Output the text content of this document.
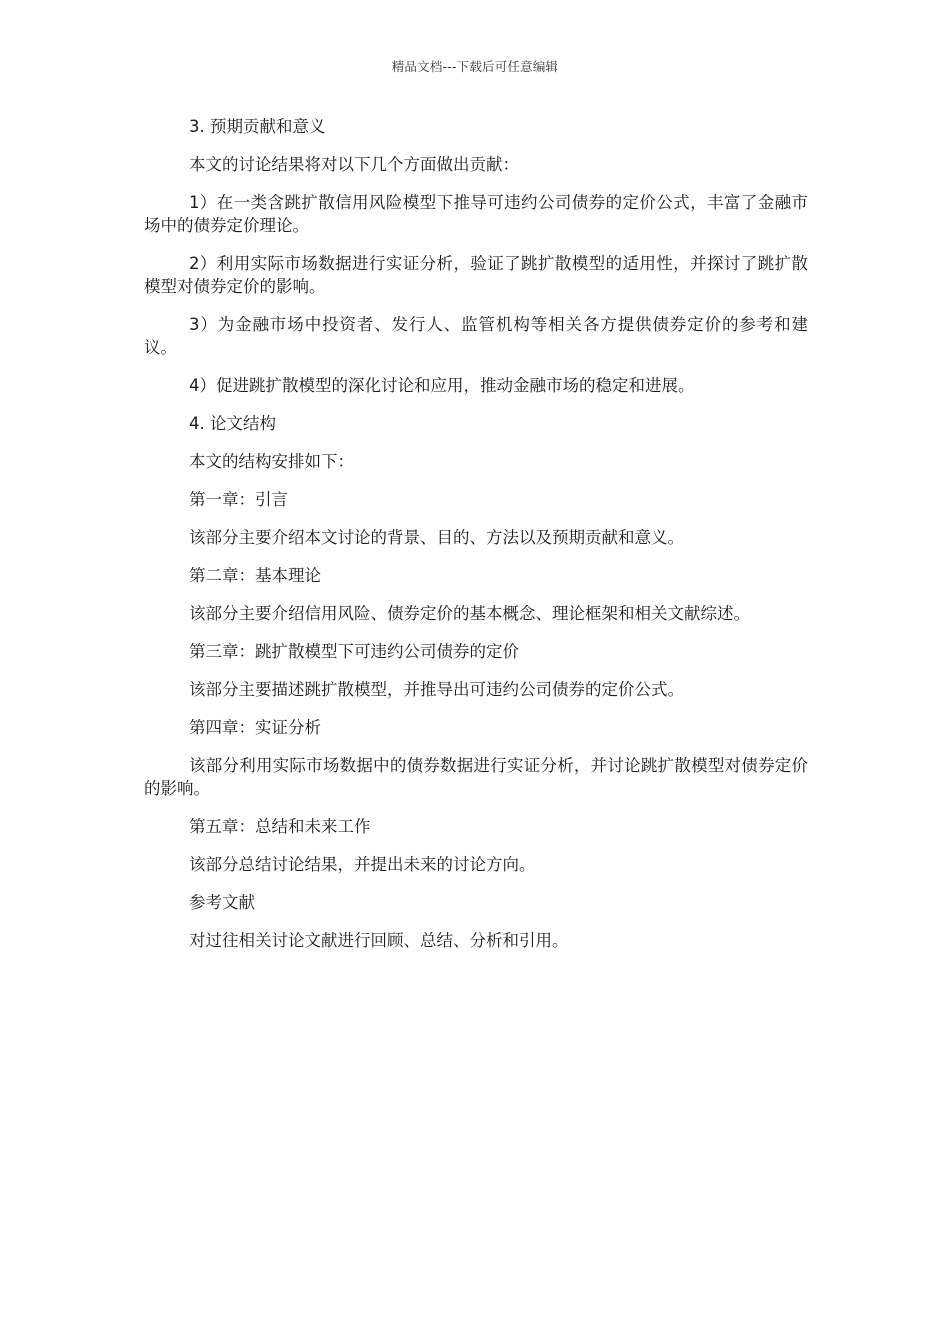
精品文档---下载后可任意编辑

3. 预期贡献和意义

本文的讨论结果将对以下几个方面做出贡献：

1）在一类含跳扩散信用风险模型下推导可违约公司债券的定价公式，丰富了金融市场中的债券定价理论。

2）利用实际市场数据进行实证分析，验证了跳扩散模型的适用性，并探讨了跳扩散模型对债券定价的影响。

3）为金融市场中投资者、发行人、监管机构等相关各方提供债券定价的参考和建议。

4）促进跳扩散模型的深化讨论和应用，推动金融市场的稳定和进展。

4. 论文结构

本文的结构安排如下：

第一章：引言

该部分主要介绍本文讨论的背景、目的、方法以及预期贡献和意义。

第二章：基本理论

该部分主要介绍信用风险、债券定价的基本概念、理论框架和相关文献综述。

第三章：跳扩散模型下可违约公司债券的定价

该部分主要描述跳扩散模型，并推导出可违约公司债券的定价公式。

第四章：实证分析

该部分利用实际市场数据中的债券数据进行实证分析，并讨论跳扩散模型对债券定价的影响。

第五章：总结和未来工作

该部分总结讨论结果，并提出未来的讨论方向。

参考文献

对过往相关讨论文献进行回顾、总结、分析和引用。
